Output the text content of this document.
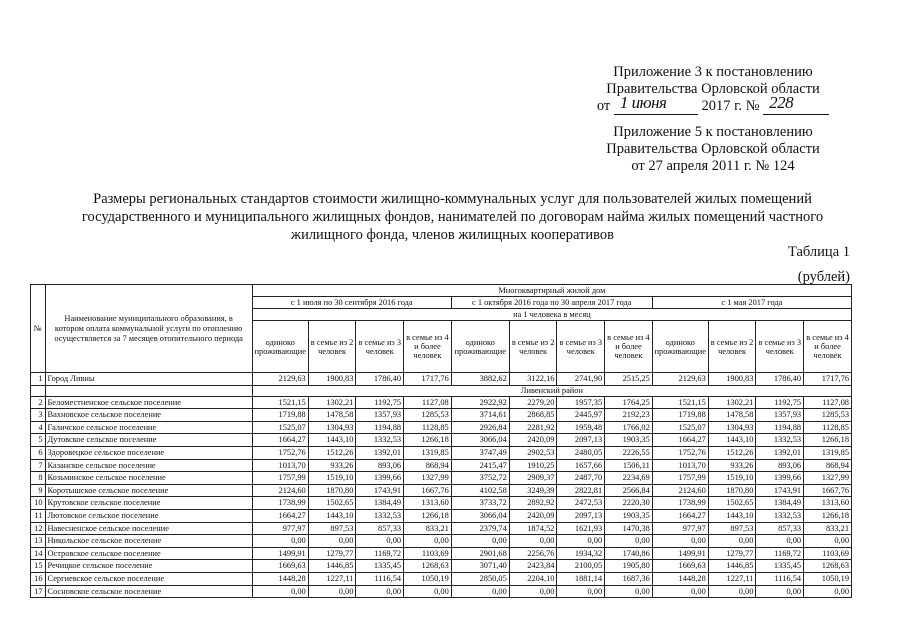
Приложение 3 к постановлению
Правительства Орловской области
от 1 июня 2017 г. № 228
Приложение 5 к постановлению
Правительства Орловской области
от 27 апреля 2011 г. № 124
Размеры региональных стандартов стоимости жилищно-коммунальных услуг для пользователей жилых помещений
государственного и муниципального жилищных фондов, нанимателей по договорам найма жилых помещений частного
жилищного фонда, членов жилищных кооперативов
Таблица 1
(рублей)
№	Наименование муниципального образования, в котором оплата коммунальной услуги по отоплению осуществляется за 7 месяцев отопительного периода	Многоквартирный жилой дом											
		с 1 июля по 30 сентября 2016 года				с 1 октября 2016 года по 30 апреля 2017 года				с 1 мая 2017 года			
		на 1 человека в месяц											
		одиноко проживающие	в семье из 2 человек	в семье из 3 человек	в семье из 4 и более человек	одиноко проживающие	в семье из 2 человек	в семье из 3 человек	в семье из 4 и более человек	одиноко проживающие	в семье из 2 человек	в семье из 3 человек	в семье из 4 и более человек
1	Город Ливны	2129,63	1900,83	1786,40	1717,76	3882,62	3122,16	2741,90	2515,25	2129,63	1900,83	1786,40	1717,76
		Ливенский район											
2	Беломестненское сельское поселение	1521,15	1302,21	1192,75	1127,08	2922,92	2279,20	1957,35	1764,25	1521,15	1302,21	1192,75	1127,08
3	Вахновское сельское поселение	1719,88	1478,58	1357,93	1285,53	3714,61	2868,85	2445,97	2192,23	1719,88	1478,58	1357,93	1285,53
4	Галичское сельское поселение	1525,07	1304,93	1194,88	1128,85	2926,84	2281,92	1959,48	1766,02	1525,07	1304,93	1194,88	1128,85
5	Дутовское сельское поселение	1664,27	1443,10	1332,53	1266,18	3066,04	2420,09	2097,13	1903,35	1664,27	1443,10	1332,53	1266,18
6	Здоровецкое сельское поселение	1752,76	1512,26	1392,01	1319,85	3747,49	2902,53	2480,05	2226,55	1752,76	1512,26	1392,01	1319,85
7	Казанское сельское поселение	1013,70	933,26	893,06	868,94	2415,47	1910,25	1657,66	1506,11	1013,70	933,26	893,06	868,94
8	Козьминское сельское поселение	1757,99	1519,10	1399,66	1327,99	3752,72	2909,37	2487,70	2234,69	1757,99	1519,10	1399,66	1327,99
9	Коротышское сельское поселение	2124,60	1870,80	1743,91	1667,76	4102,58	3249,39	2822,81	2566,84	2124,60	1870,80	1743,91	1667,76
10	Крутовское сельское поселение	1738,99	1502,65	1384,49	1313,60	3733,72	2892,92	2472,53	2220,30	1738,99	1502,65	1384,49	1313,60
11	Лютовское сельское поселение	1664,27	1443,10	1332,53	1266,18	3066,04	2420,09	2097,13	1903,35	1664,27	1443,10	1332,53	1266,18
12	Навесненское сельское поселение	977,97	897,53	857,33	833,21	2379,74	1874,52	1621,93	1470,38	977,97	897,53	857,33	833,21
13	Никольское сельское поселение	0,00	0,00	0,00	0,00	0,00	0,00	0,00	0,00	0,00	0,00	0,00	0,00
14	Островское сельское поселение	1499,91	1279,77	1169,72	1103,69	2901,68	2256,76	1934,32	1740,86	1499,91	1279,77	1169,72	1103,69
15	Речицкое сельское поселение	1669,63	1446,85	1335,45	1268,63	3071,40	2423,84	2100,05	1905,80	1669,63	1446,85	1335,45	1268,63
16	Сергиевское сельское поселение	1448,28	1227,11	1116,54	1050,19	2850,05	2204,10	1881,14	1687,36	1448,28	1227,11	1116,54	1050,19
17	Сосновское сельское поселение	0,00	0,00	0,00	0,00	0,00	0,00	0,00	0,00	0,00	0,00	0,00	0,00
